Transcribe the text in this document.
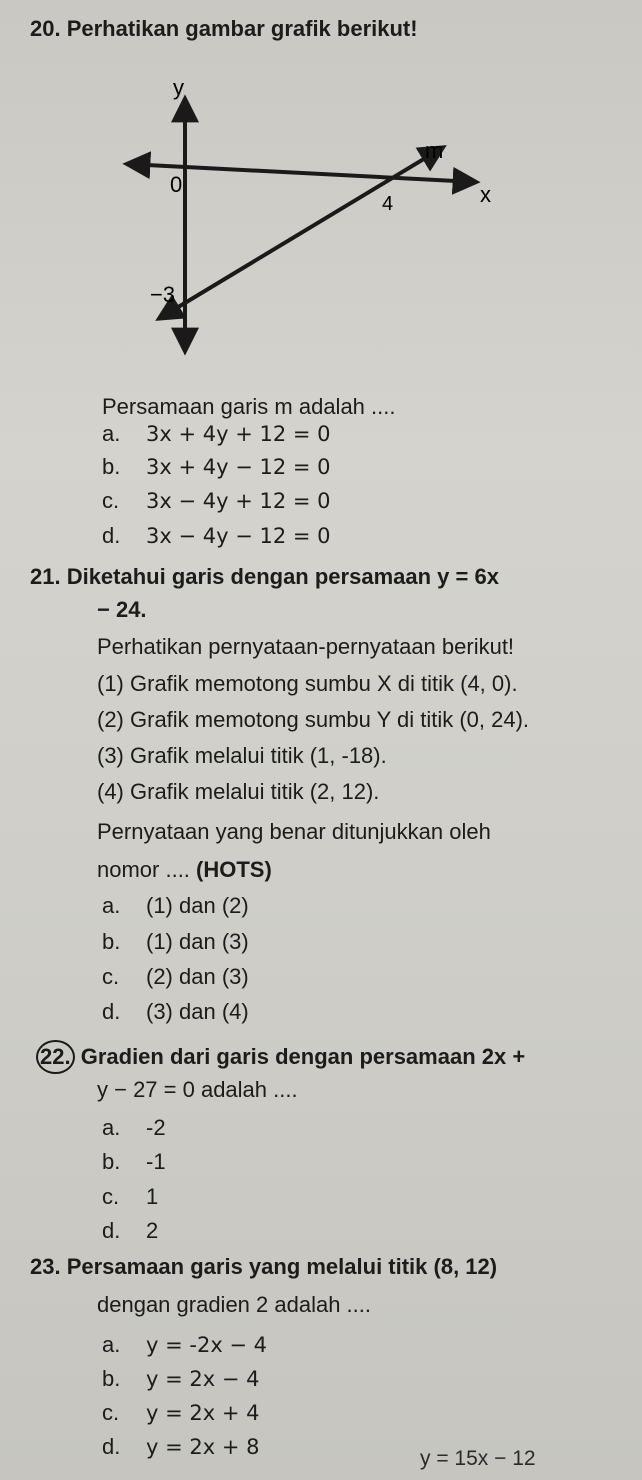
20. Perhatikan gambar grafik berikut!
y
x
m
0
4
−3
Persamaan garis m adalah ....
a. 3x + 4y + 12 = 0
b. 3x + 4y − 12 = 0
c. 3x − 4y + 12 = 0
d. 3x − 4y − 12 = 0
21. Diketahui garis dengan persamaan y = 6x
− 24.
Perhatikan pernyataan-pernyataan berikut!
(1) Grafik memotong sumbu X di titik (4, 0).
(2) Grafik memotong sumbu Y di titik (0, 24).
(3) Grafik melalui titik (1, -18).
(4) Grafik melalui titik (2, 12).
Pernyataan yang benar ditunjukkan oleh
nomor .... (HOTS)
a. (1) dan (2)
b. (1) dan (3)
c. (2) dan (3)
d. (3) dan (4)
22. Gradien dari garis dengan persamaan 2x +
y − 27 = 0 adalah ....
a. -2
b. -1
c. 1
d. 2
23. Persamaan garis yang melalui titik (8, 12)
dengan gradien 2 adalah ....
a. y = -2x − 4
b. y = 2x − 4
c. y = 2x + 4
d. y = 2x + 8	y = 15x − 12
